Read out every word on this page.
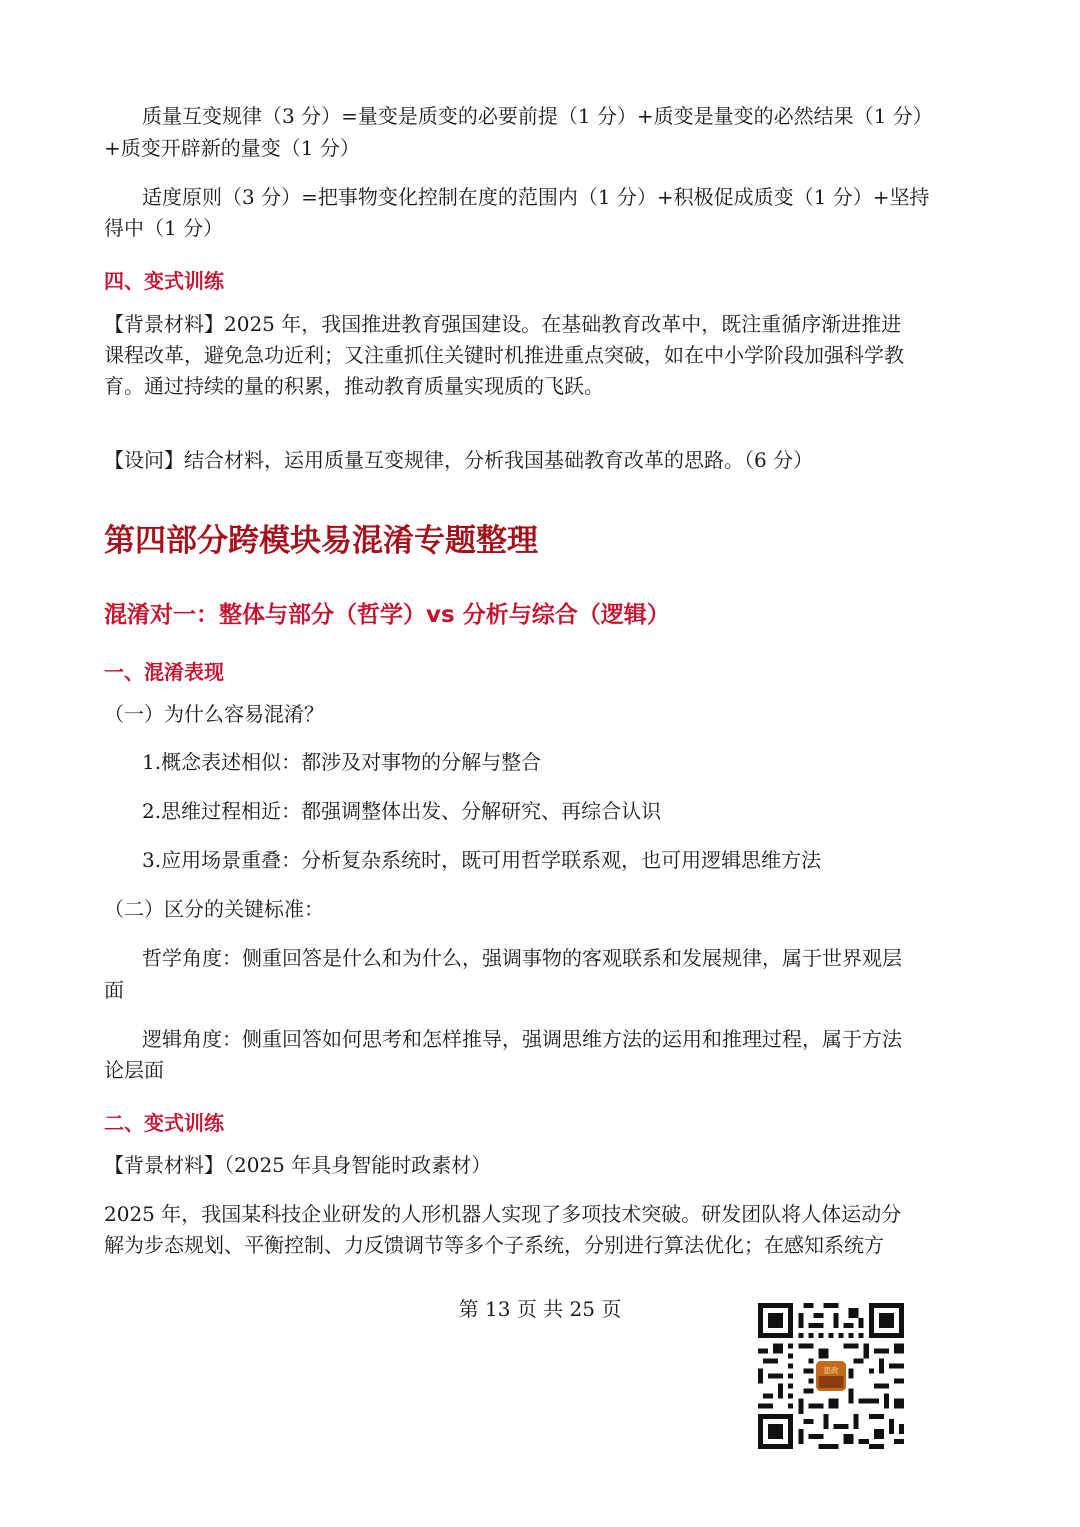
质量互变规律（3 分）=量变是质变的必要前提（1 分）+质变是量变的必然结果（1 分）
+质变开辟新的量变（1 分）
适度原则（3 分）=把事物变化控制在度的范围内（1 分）+积极促成质变（1 分）+坚持
得中（1 分）
四、变式训练
【背景材料】2025 年，我国推进教育强国建设。在基础教育改革中，既注重循序渐进推进
课程改革，避免急功近利；又注重抓住关键时机推进重点突破，如在中小学阶段加强科学教
育。通过持续的量的积累，推动教育质量实现质的飞跃。
【设问】结合材料，运用质量互变规律，分析我国基础教育改革的思路。（6 分）
第四部分跨模块易混淆专题整理
混淆对一：整体与部分（哲学）vs 分析与综合（逻辑）
一、混淆表现
（一）为什么容易混淆？
1.概念表述相似：都涉及对事物的分解与整合
2.思维过程相近：都强调整体出发、分解研究、再综合认识
3.应用场景重叠：分析复杂系统时，既可用哲学联系观，也可用逻辑思维方法
（二）区分的关键标准：
哲学角度：侧重回答是什么和为什么，强调事物的客观联系和发展规律，属于世界观层
面
逻辑角度：侧重回答如何思考和怎样推导，强调思维方法的运用和推理过程，属于方法
论层面
二、变式训练
【背景材料】（2025 年具身智能时政素材）
2025 年，我国某科技企业研发的人形机器人实现了多项技术突破。研发团队将人体运动分
解为步态规划、平衡控制、力反馈调节等多个子系统，分别进行算法优化；在感知系统方
第 13 页 共 25 页
思政
